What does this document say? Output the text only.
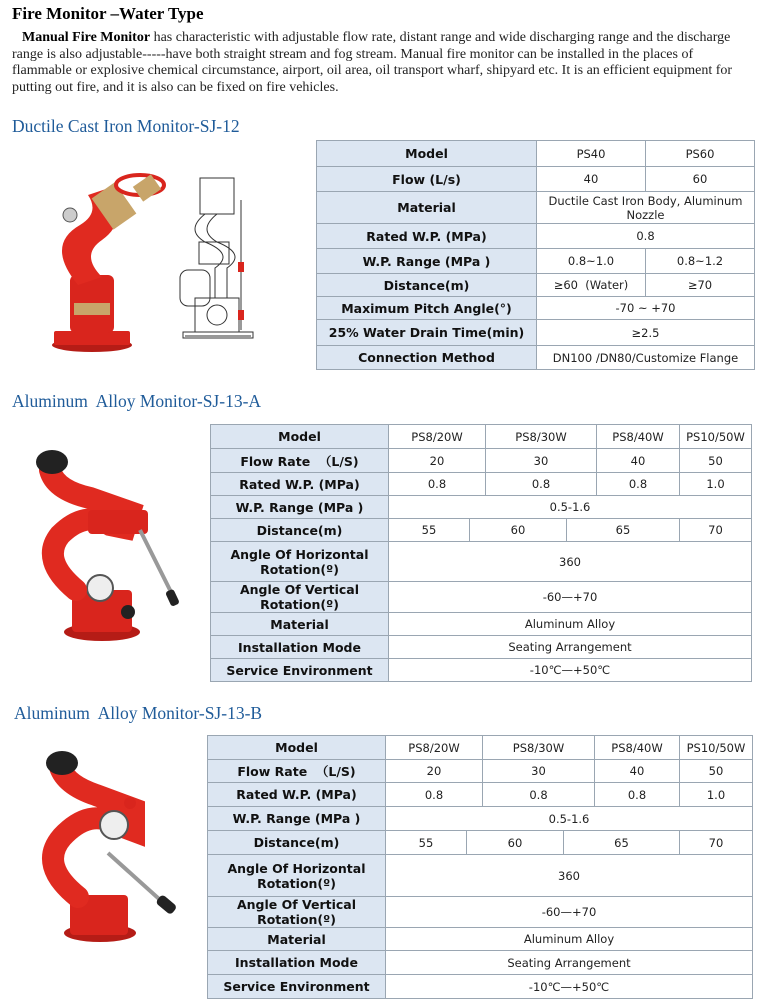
Fire Monitor –Water Type
Manual Fire Monitor has characteristic with adjustable flow rate, distant range and wide discharging range and the discharge range is also adjustable-----have both straight stream and fog stream. Manual fire monitor can be installed in the places of flammable or explosive chemical circumstance, airport, oil area, oil transport wharf, shipyard etc. It is an efficient equipment for putting out fire, and it is also can be fixed on fire vehicles.
Ductile Cast Iron Monitor-SJ-12
Model	PS40	PS60
Flow (L/s)	40	60
Material	Ductile Cast Iron Body, Aluminum Nozzle	
Rated W.P. (MPa)	0.8	
W.P. Range (MPa )	0.8~1.0	0.8~1.2
Distance(m)	≥60  (Water)	≥70
Maximum Pitch Angle(°)	-70 ~ +70	
25% Water Drain Time(min)	≥2.5	
Connection Method	DN100 /DN80/Customize Flange	
Aluminum  Alloy Monitor-SJ-13-A
Model	PS8/20W		PS8/30W		PS8/40W	PS10/50W
Flow Rate  （L/S)	20		30		40	50
Rated W.P. (MPa)	0.8		0.8		0.8	1.0
W.P. Range (MPa )	0.5-1.6					
Distance(m)	55	60		65		70
Angle Of Horizontal Rotation(º)	360					
Angle Of Vertical Rotation(º)	-60—+70					
Material	Aluminum Alloy					
Installation Mode	Seating Arrangement					
Service Environment	-10℃—+50℃					
Aluminum  Alloy Monitor-SJ-13-B
Model	PS8/20W		PS8/30W		PS8/40W	PS10/50W
Flow Rate  （L/S)	20		30		40	50
Rated W.P. (MPa)	0.8		0.8		0.8	1.0
W.P. Range (MPa )	0.5-1.6					
Distance(m)	55	60		65		70
Angle Of Horizontal Rotation(º)	360					
Angle Of Vertical Rotation(º)	-60—+70					
Material	Aluminum Alloy					
Installation Mode	Seating Arrangement					
Service Environment	-10℃—+50℃					
